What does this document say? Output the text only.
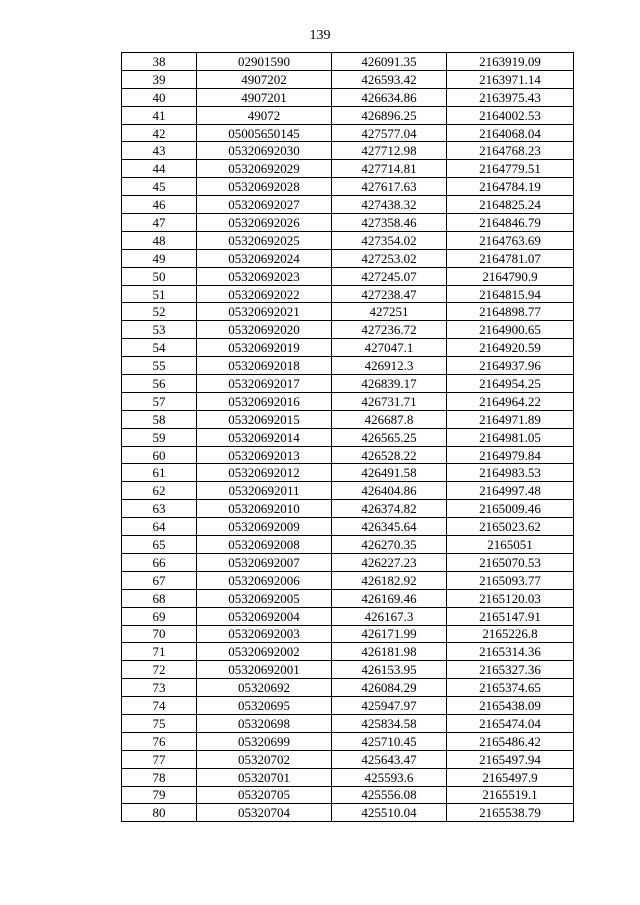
139
38	02901590	426091.35	2163919.09
39	4907202	426593.42	2163971.14
40	4907201	426634.86	2163975.43
41	49072	426896.25	2164002.53
42	05005650145	427577.04	2164068.04
43	05320692030	427712.98	2164768.23
44	05320692029	427714.81	2164779.51
45	05320692028	427617.63	2164784.19
46	05320692027	427438.32	2164825.24
47	05320692026	427358.46	2164846.79
48	05320692025	427354.02	2164763.69
49	05320692024	427253.02	2164781.07
50	05320692023	427245.07	2164790.9
51	05320692022	427238.47	2164815.94
52	05320692021	427251	2164898.77
53	05320692020	427236.72	2164900.65
54	05320692019	427047.1	2164920.59
55	05320692018	426912.3	2164937.96
56	05320692017	426839.17	2164954.25
57	05320692016	426731.71	2164964.22
58	05320692015	426687.8	2164971.89
59	05320692014	426565.25	2164981.05
60	05320692013	426528.22	2164979.84
61	05320692012	426491.58	2164983.53
62	05320692011	426404.86	2164997.48
63	05320692010	426374.82	2165009.46
64	05320692009	426345.64	2165023.62
65	05320692008	426270.35	2165051
66	05320692007	426227.23	2165070.53
67	05320692006	426182.92	2165093.77
68	05320692005	426169.46	2165120.03
69	05320692004	426167.3	2165147.91
70	05320692003	426171.99	2165226.8
71	05320692002	426181.98	2165314.36
72	05320692001	426153.95	2165327.36
73	05320692	426084.29	2165374.65
74	05320695	425947.97	2165438.09
75	05320698	425834.58	2165474.04
76	05320699	425710.45	2165486.42
77	05320702	425643.47	2165497.94
78	05320701	425593.6	2165497.9
79	05320705	425556.08	2165519.1
80	05320704	425510.04	2165538.79
